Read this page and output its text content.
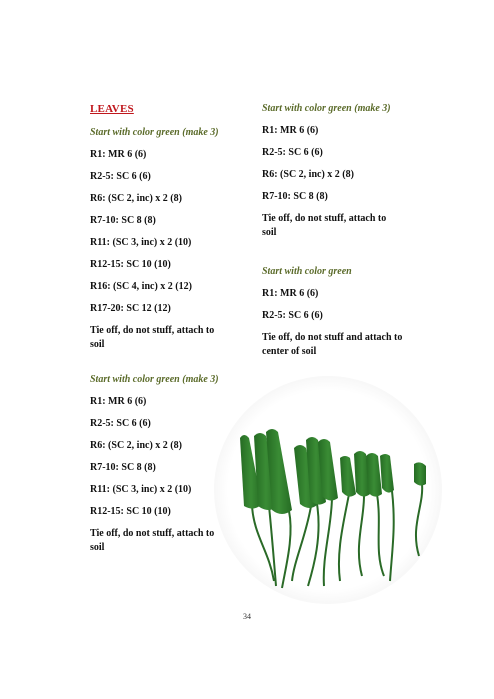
LEAVES
Start with color green (make 3)
R1: MR 6 (6)
R2-5: SC 6 (6)
R6: (SC 2, inc) x 2 (8)
R7-10: SC 8 (8)
R11: (SC 3, inc) x 2 (10)
R12-15: SC 10 (10)
R16: (SC 4, inc) x 2 (12)
R17-20: SC 12 (12)
Tie off, do not stuff, attach to
soil
Start with color green (make 3)
R1: MR 6 (6)
R2-5: SC 6 (6)
R6: (SC 2, inc) x 2 (8)
R7-10: SC 8 (8)
Tie off, do not stuff, attach to
soil
Start with color green
R1: MR 6 (6)
R2-5: SC 6 (6)
Tie off, do not stuff and attach to
center of soil
Start with color green (make 3)
R1: MR 6 (6)
R2-5: SC 6 (6)
R6: (SC 2, inc) x 2 (8)
R7-10: SC 8 (8)
R11: (SC 3, inc) x 2 (10)
R12-15: SC 10 (10)
Tie off, do not stuff, attach to
soil
34
